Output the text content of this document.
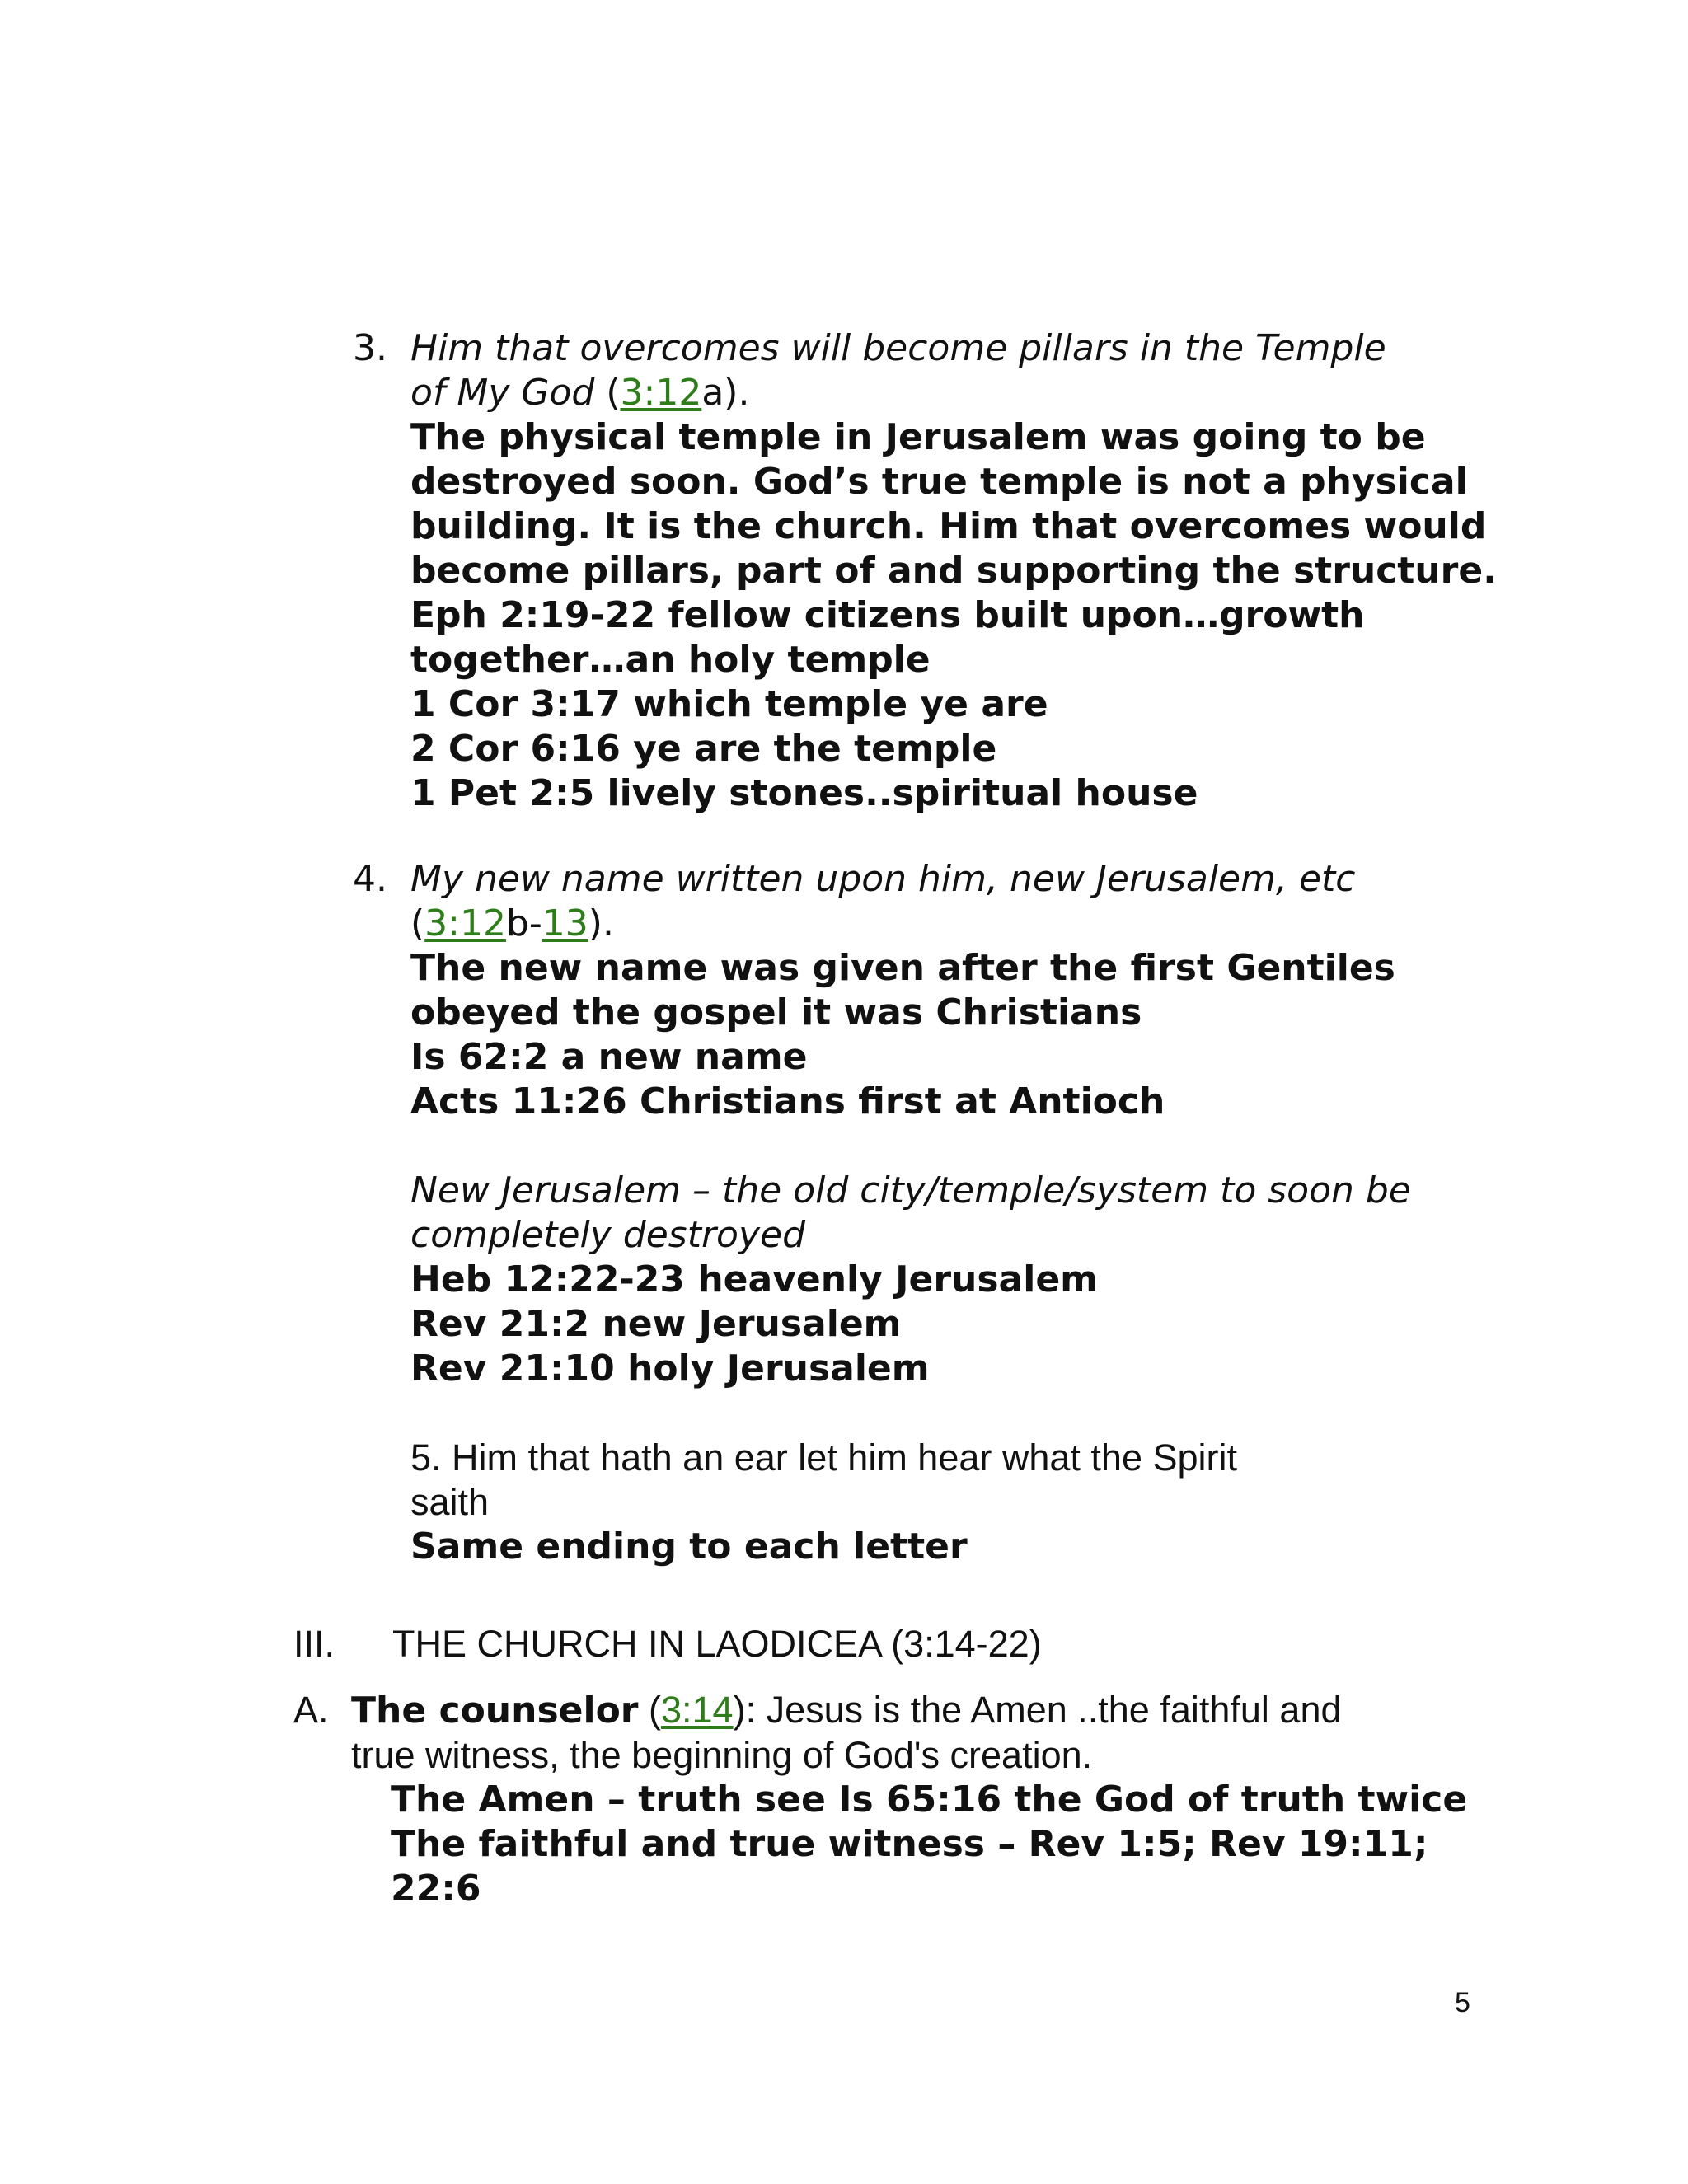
3. Him that overcomes will become pillars in the Temple
of My God (3:12a).
The physical temple in Jerusalem was going to be
destroyed soon. God’s true temple is not a physical
building. It is the church. Him that overcomes would
become pillars, part of and supporting the structure.
Eph 2:19-22 fellow citizens built upon…growth
together…an holy temple
1 Cor 3:17 which temple ye are
2 Cor 6:16 ye are the temple
1 Pet 2:5 lively stones..spiritual house
4. My new name written upon him, new Jerusalem, etc
(3:12b-13).
The new name was given after the first Gentiles
obeyed the gospel it was Christians
Is 62:2 a new name
Acts 11:26 Christians first at Antioch
New Jerusalem – the old city/temple/system to soon be
completely destroyed
Heb 12:22-23 heavenly Jerusalem
Rev 21:2 new Jerusalem
Rev 21:10 holy Jerusalem
5. Him that hath an ear let him hear what the Spirit
saith
Same ending to each letter
III. THE CHURCH IN LAODICEA (3:14-22)
A. The counselor (3:14): Jesus is the Amen ..the faithful and
true witness, the beginning of God's creation.
The Amen – truth see Is 65:16 the God of truth twice
The faithful and true witness – Rev 1:5; Rev 19:11;
22:6
5
